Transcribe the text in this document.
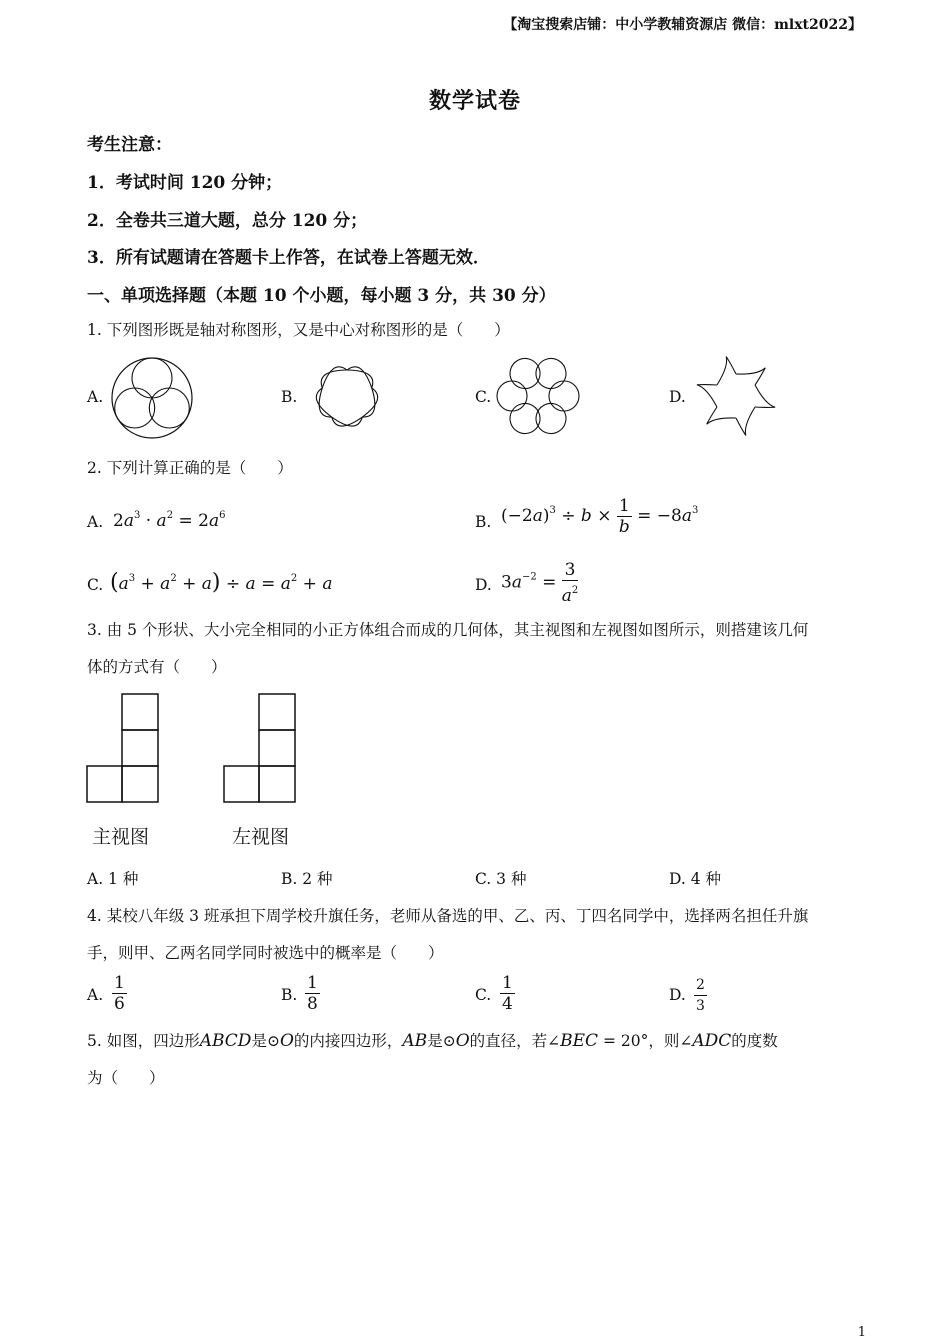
【淘宝搜索店铺：中小学教辅资源店 微信：mlxt2022】
数学试卷
考生注意：
1．考试时间 120 分钟；
2．全卷共三道大题，总分 120 分；
3．所有试题请在答题卡上作答，在试卷上答题无效．
一、单项选择题（本题 10 个小题，每小题 3 分，共 30 分）
1. 下列图形既是轴对称图形，又是中心对称图形的是（　　）
A.	B.	C.	D.
2. 下列计算正确的是（　　）
A. $2a^3 \cdot a^2 = 2a^6$	B. $(-2a)^3 \div b \times \frac{1}{b} = -8a^3$
C. $(a^3 + a^2 + a) \div a = a^2 + a$	D. $3a^{-2} = \frac{3}{a^2}$
3. 由 5 个形状、大小完全相同的小正方体组合而成的几何体，其主视图和左视图如图所示，则搭建该几何
体的方式有（　　）
主视图	左视图
A. 1 种	B. 2 种	C. 3 种	D. 4 种
4. 某校八年级 3 班承担下周学校升旗任务，老师从备选的甲、乙、丙、丁四名同学中，选择两名担任升旗
手，则甲、乙两名同学同时被选中的概率是（　　）
A. $\frac{1}{6}$	B. $\frac{1}{8}$	C. $\frac{1}{4}$	D. $\frac{2}{3}$
5. 如图，四边形ABCD是⊙O的内接四边形，AB是⊙O的直径，若∠BEC = 20°，则∠ADC的度数
为（　　）
1
